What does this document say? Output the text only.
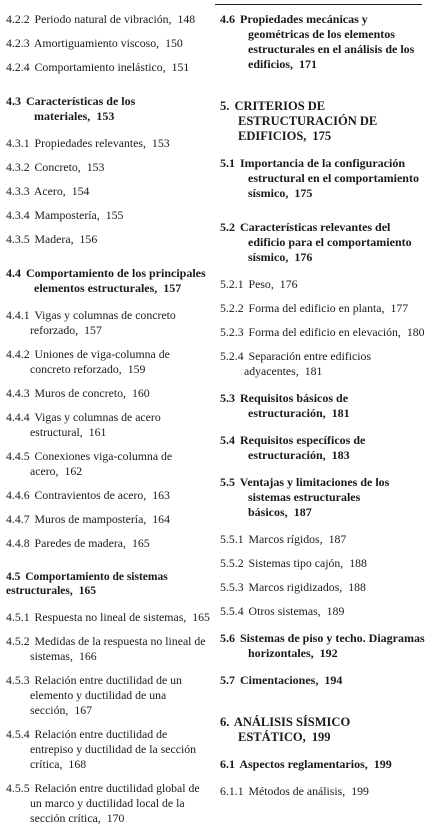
4.2.2 Periodo natural de vibración, 148

4.2.3 Amortiguamiento viscoso, 150

4.2.4 Comportamiento inelástico, 151

4.3 Características de los materiales, 153

4.3.1 Propiedades relevantes, 153

4.3.2 Concreto, 153

4.3.3 Acero, 154

4.3.4 Mampostería, 155

4.3.5 Madera, 156

4.4 Comportamiento de los principales elementos estructurales, 157

4.4.1 Vigas y columnas de concreto reforzado, 157

4.4.2 Uniones de viga-columna de concreto reforzado, 159

4.4.3 Muros de concreto, 160

4.4.4 Vigas y columnas de acero estructural, 161

4.4.5 Conexiones viga-columna de acero, 162

4.4.6 Contravientos de acero, 163

4.4.7 Muros de mampostería, 164

4.4.8 Paredes de madera, 165

4.5 Comportamiento de sistemas estructurales, 165

4.5.1 Respuesta no lineal de sistemas, 165

4.5.2 Medidas de la respuesta no lineal de sistemas, 166

4.5.3 Relación entre ductilidad de un elemento y ductilidad de una sección, 167

4.5.4 Relación entre ductilidad de entrepiso y ductilidad de la sección crítica, 168

4.5.5 Relación entre ductilidad global de un marco y ductilidad local de la sección crítica, 170

4.6 Propiedades mecánicas y geométricas de los elementos estructurales en el análisis de los edificios, 171

5. CRITERIOS DE ESTRUCTURACIÓN DE EDIFICIOS, 175

5.1 Importancia de la configuración estructural en el comportamiento sísmico, 175

5.2 Características relevantes del edificio para el comportamiento sísmico, 176

5.2.1 Peso, 176

5.2.2 Forma del edificio en planta, 177

5.2.3 Forma del edificio en elevación, 180

5.2.4 Separación entre edificios adyacentes, 181

5.3 Requisitos básicos de estructuración, 181

5.4 Requisitos específicos de estructuración, 183

5.5 Ventajas y limitaciones de los sistemas estructurales básicos, 187

5.5.1 Marcos rígidos, 187

5.5.2 Sistemas tipo cajón, 188

5.5.3 Marcos rigidizados, 188

5.5.4 Otros sistemas, 189

5.6 Sistemas de piso y techo. Diagramas horizontales, 192

5.7 Cimentaciones, 194

6. ANÁLISIS SÍSMICO ESTÁTICO, 199

6.1 Aspectos reglamentarios, 199

6.1.1 Métodos de análisis, 199
